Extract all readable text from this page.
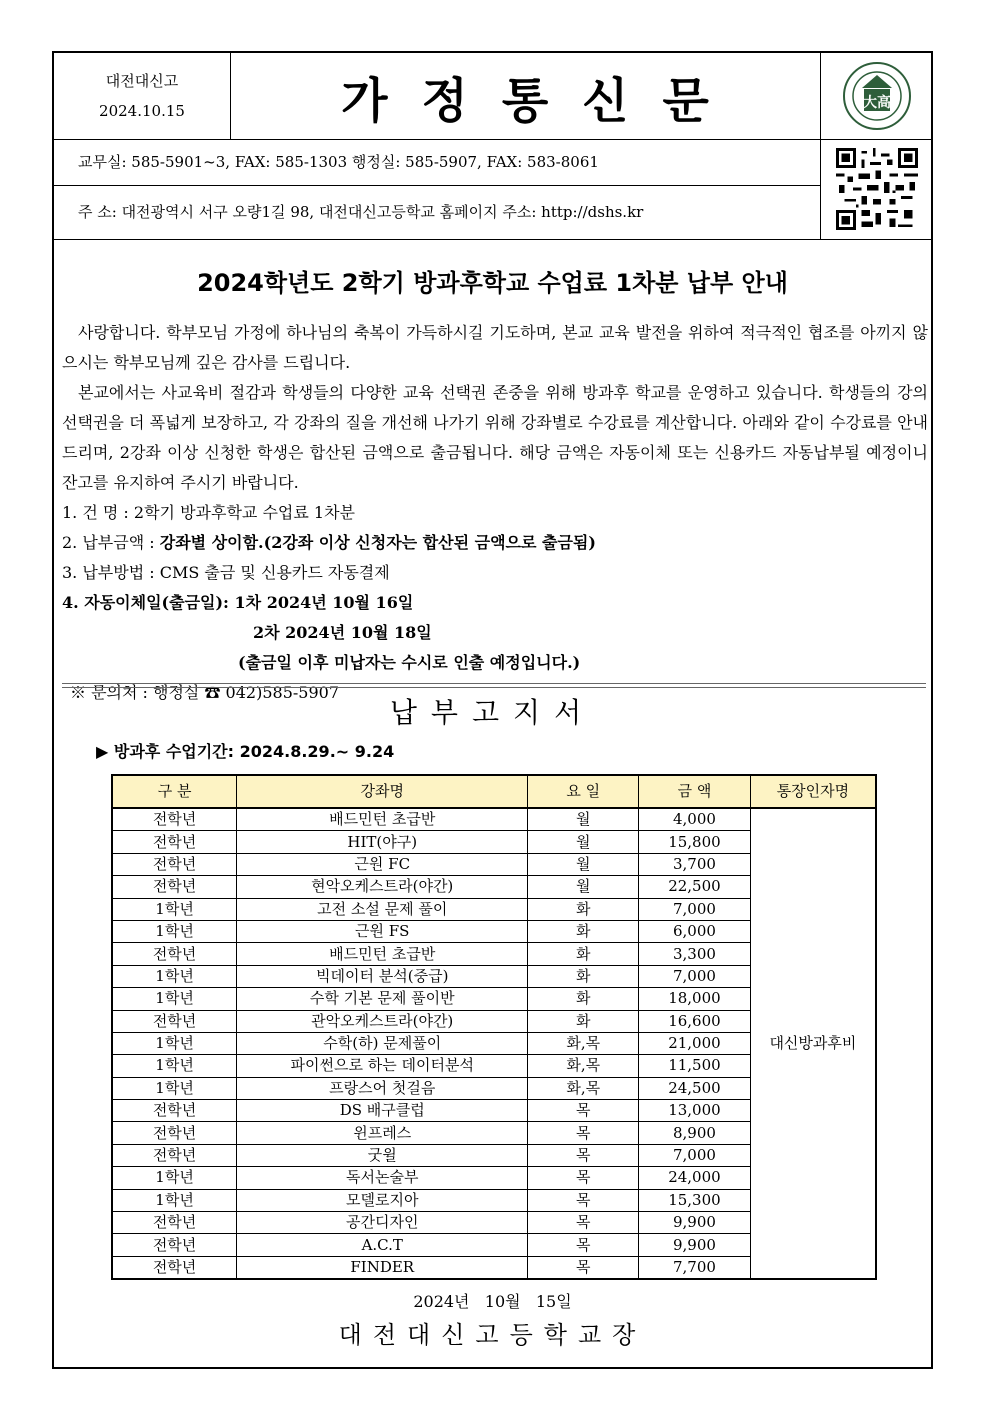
대전대신고
2024.10.15	가정통신문	大高
교무실: 585-5901~3, FAX: 585-1303 행정실: 585-5907, FAX: 583-8061
주 소: 대전광역시 서구 오량1길 98, 대전대신고등학교 홈페이지 주소: http://dshs.kr
2024학년도 2학기 방과후학교 수업료 1차분 납부 안내

사랑합니다. 학부모님 가정에 하나님의 축복이 가득하시길 기도하며, 본교 교육 발전을 위하여 적극적인 협조를 아끼지 않으시는 학부모님께 깊은 감사를 드립니다.

본교에서는 사교육비 절감과 학생들의 다양한 교육 선택권 존중을 위해 방과후 학교를 운영하고 있습니다. 학생들의 강의 선택권을 더 폭넓게 보장하고, 각 강좌의 질을 개선해 나가기 위해 강좌별로 수강료를 계산합니다. 아래와 같이 수강료를 안내드리며, 2강좌 이상 신청한 학생은 합산된 금액으로 출금됩니다. 해당 금액은 자동이체 또는 신용카드 자동납부될 예정이니 잔고를 유지하여 주시기 바랍니다.

1. 건 명 : 2학기 방과후학교 수업료 1차분

2. 납부금액 : 강좌별 상이함.(2강좌 이상 신청자는 합산된 금액으로 출금됨)

3. 납부방법 : CMS 출금 및 신용카드 자동결제

4. 자동이체일(출금일): 1차 2024년 10월 16일

2차 2024년 10월 18일

(출금일 이후 미납자는 수시로 인출 예정입니다.)

※ 문의처 : 행정실 ☎ 042)585-5907

납부고지서
▶ 방과후 수업기간: 2024.8.29.~ 9.24
구 분	강좌명	요 일	금 액	통장인자명
전학년	배드민턴 초급반	월	4,000	대신방과후비
전학년	HIT(야구)	월	15,800	
전학년	근원 FC	월	3,700	
전학년	현악오케스트라(야간)	월	22,500	
1학년	고전 소설 문제 풀이	화	7,000	
1학년	근원 FS	화	6,000	
전학년	배드민턴 초급반	화	3,300	
1학년	빅데이터 분석(중급)	화	7,000	
1학년	수학 기본 문제 풀이반	화	18,000	
전학년	관악오케스트라(야간)	화	16,600	
1학년	수학(하) 문제풀이	화,목	21,000	
1학년	파이썬으로 하는 데이터분석	화,목	11,500	
1학년	프랑스어 첫걸음	화,목	24,500	
전학년	DS 배구클럽	목	13,000	
전학년	윈프레스	목	8,900	
전학년	굿윌	목	7,000	
1학년	독서논술부	목	24,000	
1학년	모델로지아	목	15,300	
전학년	공간디자인	목	9,900	
전학년	A.C.T	목	9,900	
전학년	FINDER	목	7,700	
2024년   10월   15일
대전대신고등학교장
